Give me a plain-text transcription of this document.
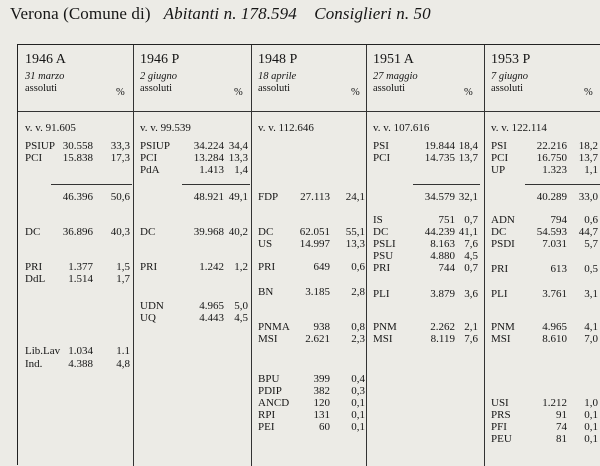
Verona (Comune di) Abitanti n. 178.594 Consiglieri n. 50
1946 A
31 marzo
assoluti	%
v. v. 91.605
PSIUP 30.558 33,3
PCI 15.838 17,3
46.396 50,6
DC 36.896 40,3
PRI 1.377 1,5
DdL 1.514 1,7
Lib.Lav 1.034 1.1
Ind. 4.388 4,8
1946 P
2 giugno
assoluti	%
v. v. 99.539
PSIUP 34.224 34,4
PCI	13.284 13,3
PdA	1.413 1,4
48.921 49,1
DC	39.968 40,2
PRI	1.242 1,2
UDN	4.965 5,0
UQ	4.443 4,5
1948 P
18 aprile
assoluti	%
v. v. 112.646
FDP 27.113 24,1
DC 62.051 55,1
US	14.997 13,3
PRI	649 0,6
BN	3.185 2,8
PNMA 938 0,8
MSI	2.621 2,3
BPU	399 0,4
PDIP	382 0,3
ANCD 120 0,1
RPI	131 0,1
PEI	60 0,1
1951 A
27 maggio
assoluti	%
v. v. 107.616
PSI	19.844 18,4
PCI	14.735 13,7
34.579 32,1
IS	751 0,7
DC	44.239 41,1
PSLI	8.163 7,6
PSU	4.880 4,5
PRI	744 0,7
PLI	3.879 3,6
PNM	2.262 2,1
MSI	8.119 7,6
1953 P
7 giugno
assoluti	%
v. v. 122.114
PSI	22.216 18,2
PCI	16.750 13,7
UP	1.323 1,1
40.289 33,0
ADN	794 0,6
DC	54.593 44,7
PSDI 7.031 5,7
PRI	613 0,5
PLI	3.761 3,1
PNM 4.965 4,1
MSI	8.610 7,0
USI	1.212 1,0
PRS	91 0,1
PFI	74 0,1
PEU	81 0,1
